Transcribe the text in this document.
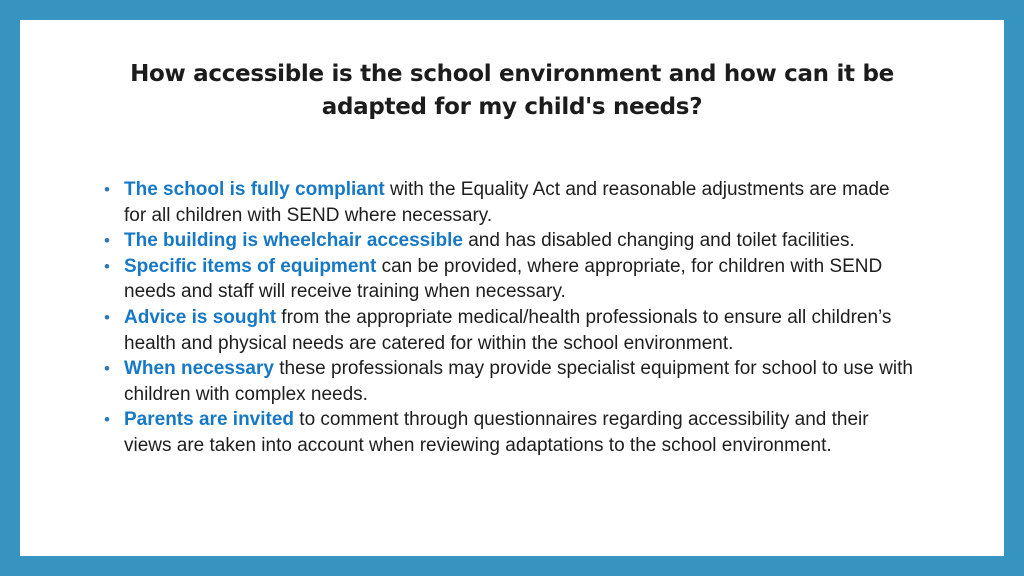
How accessible is the school environment and how can it be
adapted for my child's needs?
• The school is fully compliant with the Equality Act and reasonable adjustments are made for all children with SEND where necessary.
• The building is wheelchair accessible and has disabled changing and toilet facilities.
• Specific items of equipment can be provided, where appropriate, for children with SEND needs and staff will receive training when necessary.
• Advice is sought from the appropriate medical/health professionals to ensure all children’s health and physical needs are catered for within the school environment.
• When necessary these professionals may provide specialist equipment for school to use with children with complex needs.
• Parents are invited to comment through questionnaires regarding accessibility and their views are taken into account when reviewing adaptations to the school environment.
